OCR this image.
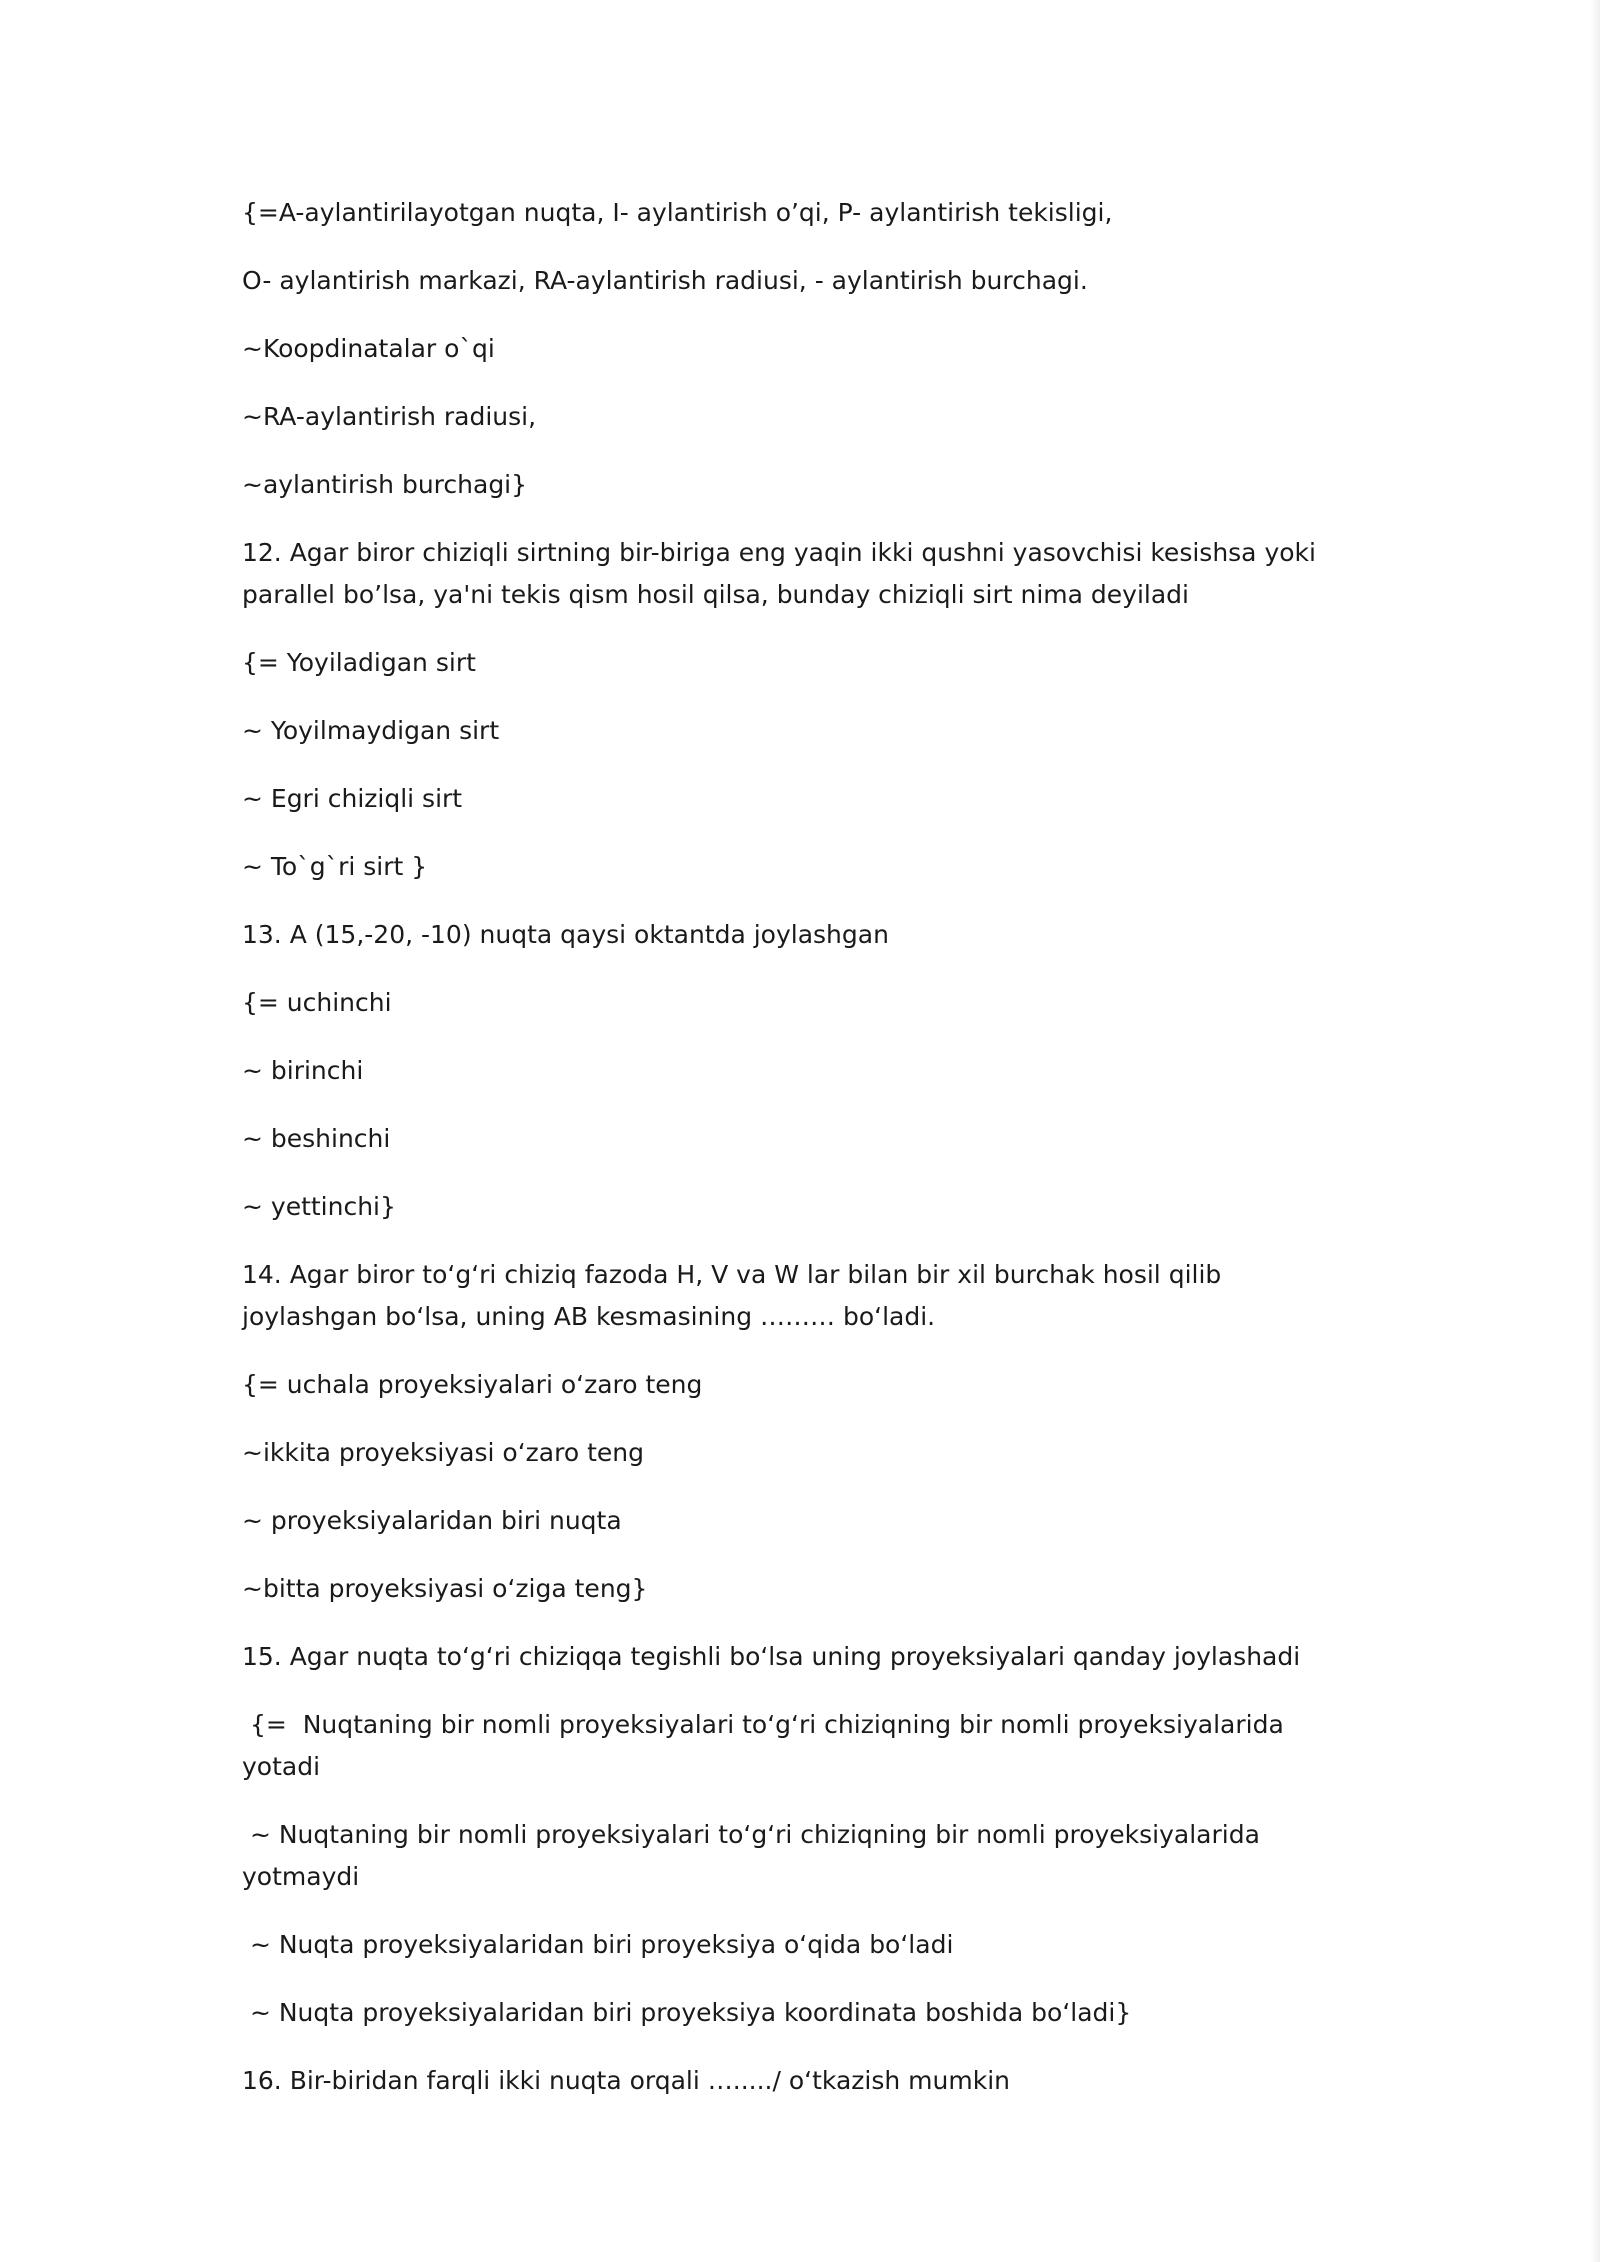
{=A-aylantirilayotgan nuqta, I- aylantirish o’qi, P- aylantirish tekisligi,

O- aylantirish markazi, RA-aylantirish radiusi, - aylantirish burchagi.

~Koopdinatalar o`qi

~RA-aylantirish radiusi,

~aylantirish burchagi}

12. Agar biror chiziqli sirtning bir-biriga eng yaqin ikki qushni yasovchisi kesishsa yoki parallel bo’lsa, ya'ni tekis qism hosil qilsa, bunday chiziqli sirt nima deyiladi

{= Yoyiladigan sirt

~ Yoyilmaydigan sirt

~ Egri chiziqli sirt

~ To`g`ri sirt }

13. A (15,-20, -10) nuqta qaysi oktantda joylashgan

{= uchinchi

~ birinchi

~ beshinchi

~ yettinchi}

14. Agar biror toʻgʻri chiziq fazoda H, V va W lar bilan bir xil burchak hosil qilib joylashgan boʻlsa, uning AB kesmasining ……… boʻladi.

{= uchala proyeksiyalari oʻzaro teng

~ikkita proyeksiyasi oʻzaro teng

~ proyeksiyalaridan biri nuqta

~bitta proyeksiyasi oʻziga teng}

15. Agar nuqta toʻgʻri chiziqqa tegishli boʻlsa uning proyeksiyalari qanday joylashadi

{=  Nuqtaning bir nomli proyeksiyalari toʻgʻri chiziqning bir nomli proyeksiyalarida yotadi

~ Nuqtaning bir nomli proyeksiyalari toʻgʻri chiziqning bir nomli proyeksiyalarida yotmaydi

~ Nuqta proyeksiyalaridan biri proyeksiya oʻqida boʻladi

~ Nuqta proyeksiyalaridan biri proyeksiya koordinata boshida boʻladi}

16. Bir-biridan farqli ikki nuqta orqali …...../ oʻtkazish mumkin
